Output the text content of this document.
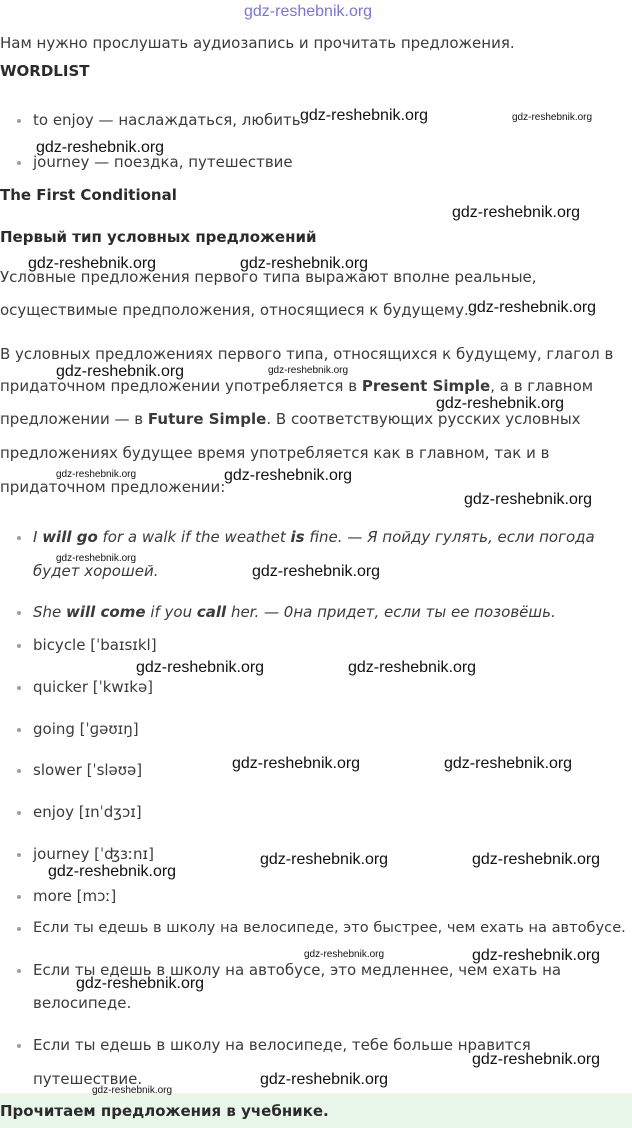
gdz-reshebnik.org
Нам нужно прослушать аудиозапись и прочитать предложения.
WORDLIST
to enjoy — наслаждаться, любить
journey — поездка, путешествие
The First Conditional
Первый тип условных предложений
Условные предложения первого типа выражают вполне реальные,
осуществимые предположения, относящиеся к будущему.
В условных предложениях первого типа, относящихся к будущему, глагол в
придаточном предложении употребляется в Present Simple, а в главном
предложении — в Future Simple. В соответствующих русских условных
предложениях будущее время употребляется как в главном, так и в
придаточном предложении:
I will go for a walk if the weathet is fine. — Я пойду гулять, если погода
будет хорошей.
She will come if you call her. — 0на придет, если ты ее позовёшь.
bicycle [ˈbaɪsɪkl]
quicker [ˈkwɪkə]
going [ˈɡəʊɪŋ]
slower [ˈsləʊə]
enjoy [ɪnˈdʒɔɪ]
journey [ˈʤɜːnɪ]
more [mɔː]
Если ты едешь в школу на велосипеде, это быстрее, чем ехать на автобусе.
Если ты едешь в школу на автобусе, это медленнее, чем ехать на
велосипеде.
Если ты едешь в школу на велосипеде, тебе больше нравится
путешествие.
Прочитаем предложения в учебнике.
gdz-reshebnik.org	gdz-reshebnik.org
gdz-reshebnik.org
gdz-reshebnik.org
gdz-reshebnik.org	gdz-reshebnik.org
gdz-reshebnik.org
gdz-reshebnik.org
gdz-reshebnik.org
gdz-reshebnik.org
gdz-reshebnik.org	gdz-reshebnik.org
gdz-reshebnik.org
gdz-reshebnik.org
gdz-reshebnik.org
gdz-reshebnik.org	gdz-reshebnik.org
gdz-reshebnik.org	gdz-reshebnik.org
gdz-reshebnik.org	gdz-reshebnik.org
gdz-reshebnik.org
gdz-reshebnik.org	gdz-reshebnik.org
gdz-reshebnik.org
gdz-reshebnik.org
gdz-reshebnik.org
gdz-reshebnik.org
